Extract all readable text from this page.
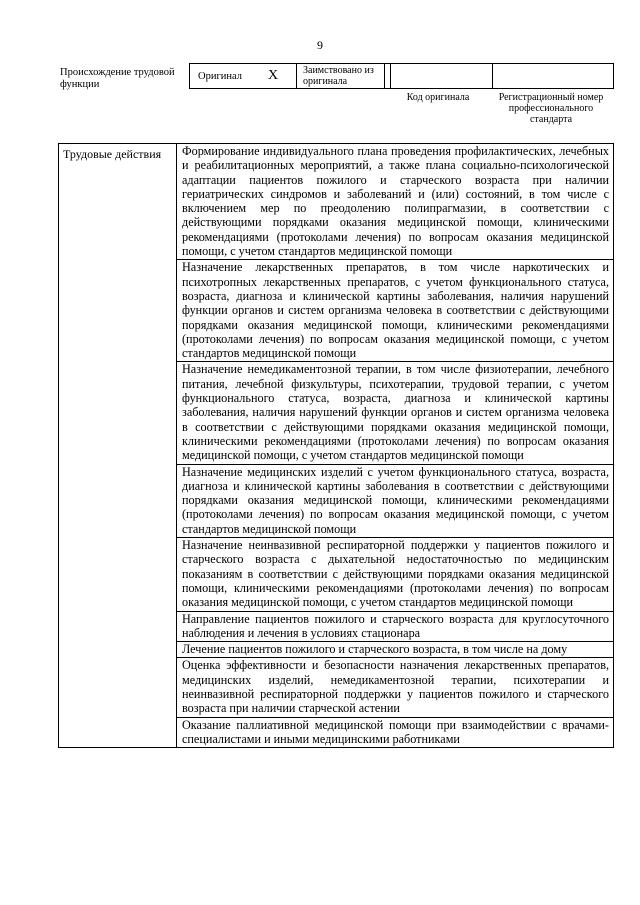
9
Происхождение трудовой функции
Оригинал X	Заимствовано из оригинала
Код оригинала	Регистрационный номер профессионального стандарта
Трудовые действия	Формирование индивидуального плана проведения профилактических, лечебных и реабилитационных мероприятий, а также плана социально-психологической адаптации пациентов пожилого и старческого возраста при наличии гериатрических синдромов и заболеваний и (или) состояний, в том числе с включением мер по преодолению полипрагмазии, в соответствии с действующими порядками оказания медицинской помощи, клиническими рекомендациями (протоколами лечения) по вопросам оказания медицинской помощи, с учетом стандартов медицинской помощи
Назначение лекарственных препаратов, в том числе наркотических и психотропных лекарственных препаратов, с учетом функционального статуса, возраста, диагноза и клинической картины заболевания, наличия нарушений функции органов и систем организма человека в соответствии с действующими порядками оказания медицинской помощи, клиническими рекомендациями (протоколами лечения) по вопросам оказания медицинской помощи, с учетом стандартов медицинской помощи
Назначение немедикаментозной терапии, в том числе физиотерапии, лечебного питания, лечебной физкультуры, психотерапии, трудовой терапии, с учетом функционального статуса, возраста, диагноза и клинической картины заболевания, наличия нарушений функции органов и систем организма человека в соответствии с действующими порядками оказания медицинской помощи, клиническими рекомендациями (протоколами лечения) по вопросам оказания медицинской помощи, с учетом стандартов медицинской помощи
Назначение медицинских изделий с учетом функционального статуса, возраста, диагноза и клинической картины заболевания в соответствии с действующими порядками оказания медицинской помощи, клиническими рекомендациями (протоколами лечения) по вопросам оказания медицинской помощи, с учетом стандартов медицинской помощи
Назначение неинвазивной респираторной поддержки у пациентов пожилого и старческого возраста с дыхательной недостаточностью по медицинским показаниям в соответствии с действующими порядками оказания медицинской помощи, клиническими рекомендациями (протоколами лечения) по вопросам оказания медицинской помощи, с учетом стандартов медицинской помощи
Направление пациентов пожилого и старческого возраста для круглосуточного наблюдения и лечения в условиях стационара
Лечение пациентов пожилого и старческого возраста, в том числе на дому
Оценка эффективности и безопасности назначения лекарственных препаратов, медицинских изделий, немедикаментозной терапии, психотерапии и неинвазивной респираторной поддержки у пациентов пожилого и старческого возраста при наличии старческой астении
Оказание паллиативной медицинской помощи при взаимодействии с врачами-специалистами и иными медицинскими работниками
